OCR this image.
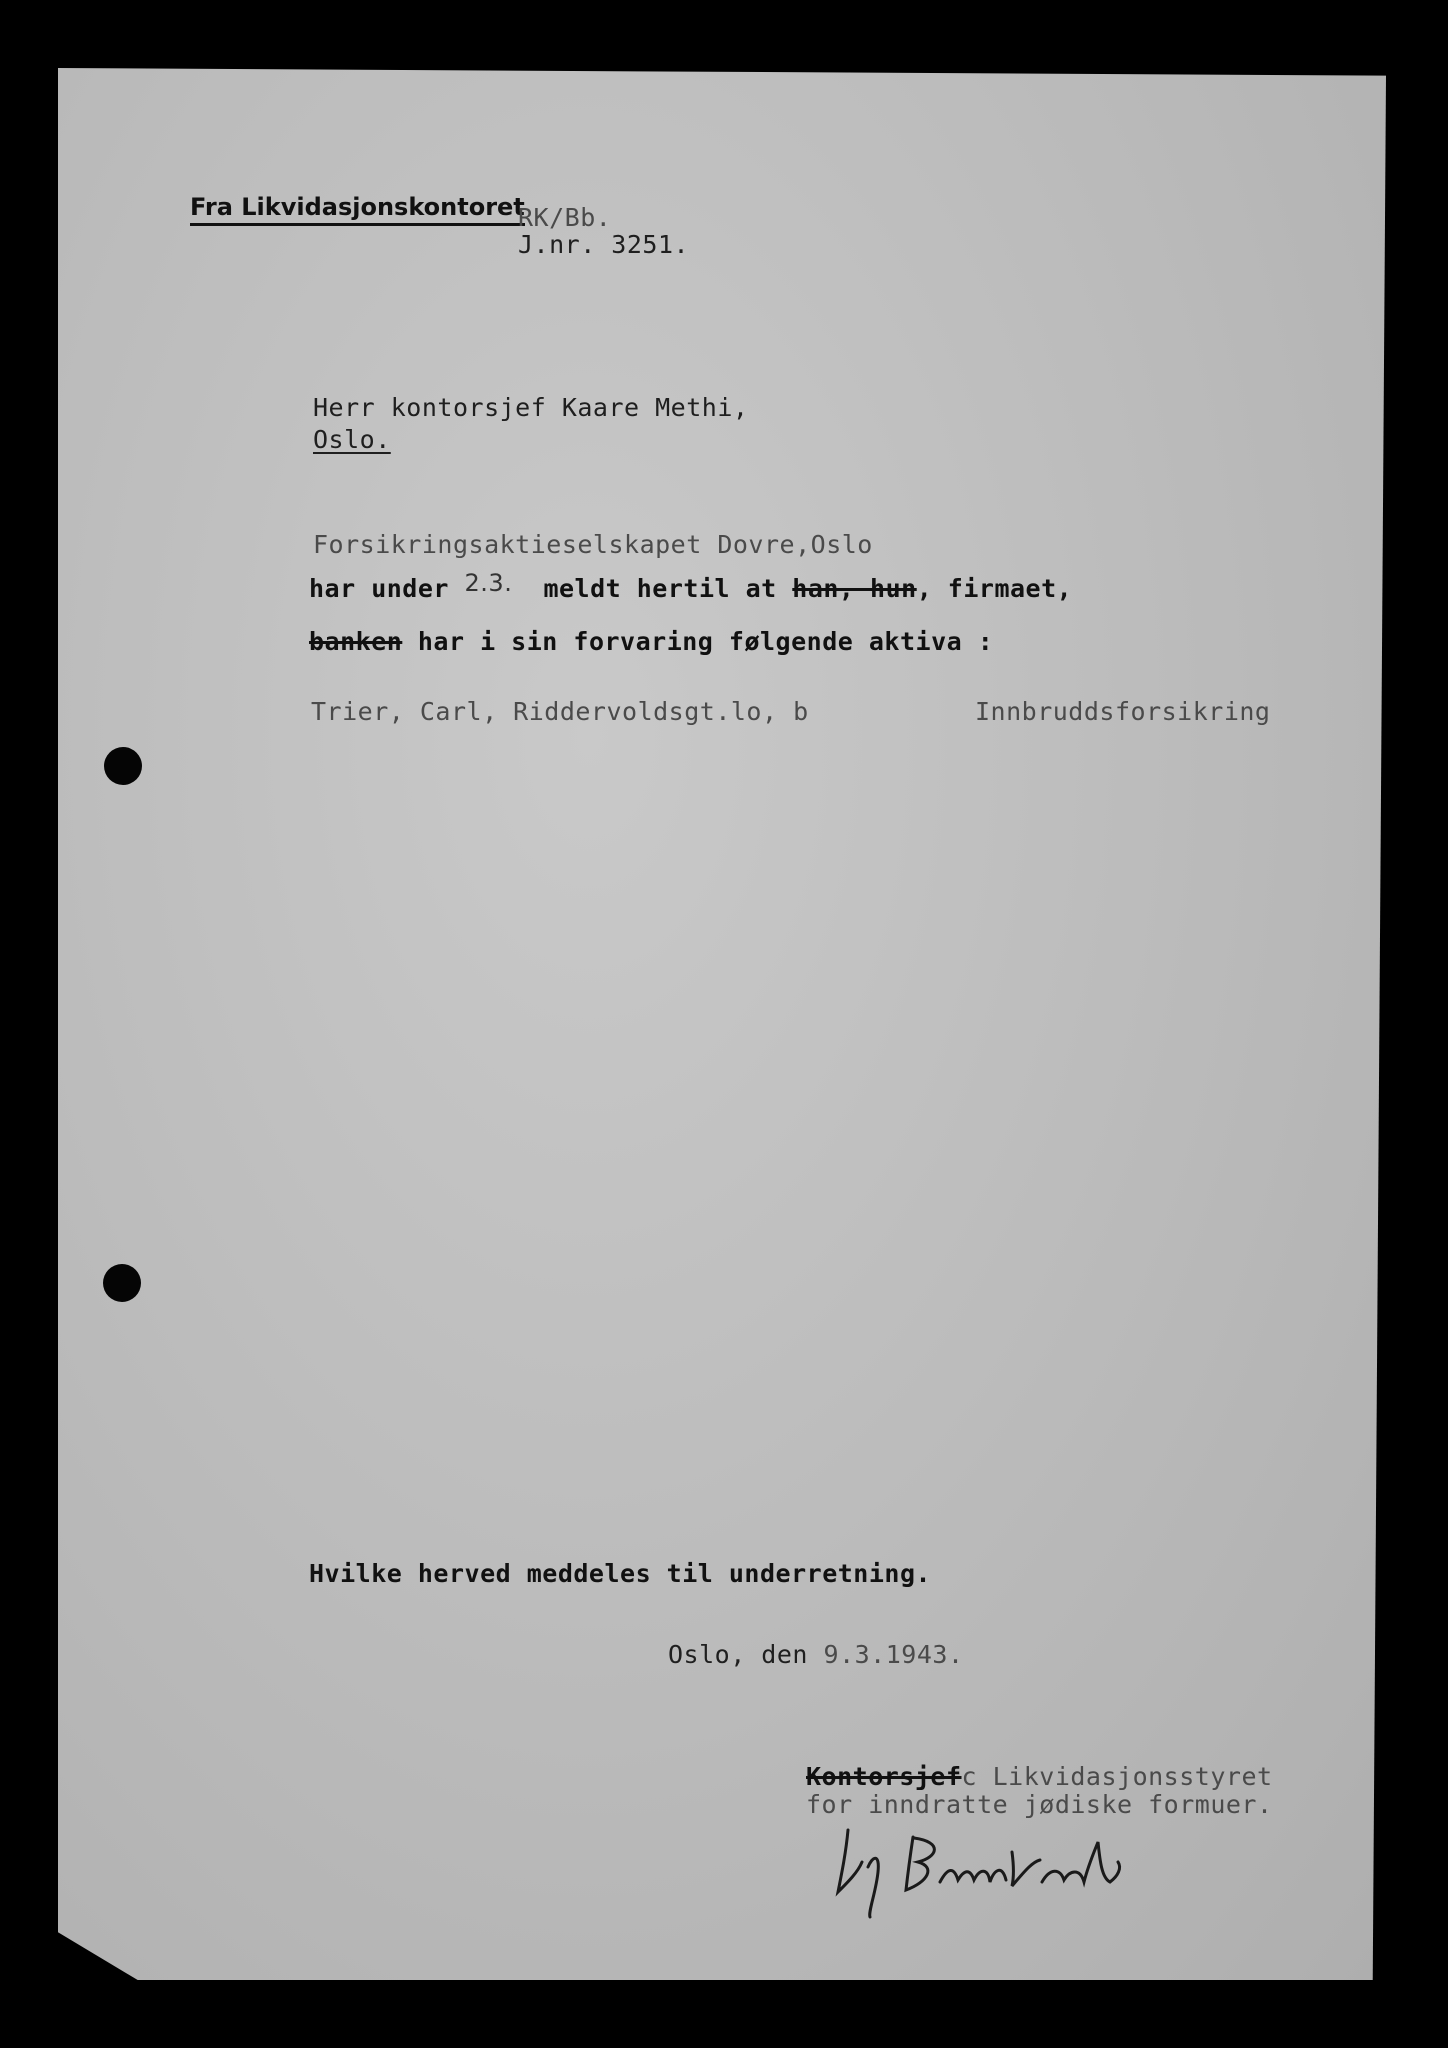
Fra Likvidasjonskontoret
RK/Bb.
J.nr. 3251.
Herr kontorsjef Kaare Methi,
Oslo.
Forsikringsaktieselskapet Dovre,Oslo
har under 2.3. meldt hertil at han, hun, firmaet,
banken har i sin forvaring følgende aktiva :
Trier, Carl, Riddervoldsgt.lo, b	Innbruddsforsikring
Hvilke herved meddeles til underretning.
Oslo, den 9.3.1943.
Kontorsjefc Likvidasjonsstyret
for inndratte jødiske formuer.
